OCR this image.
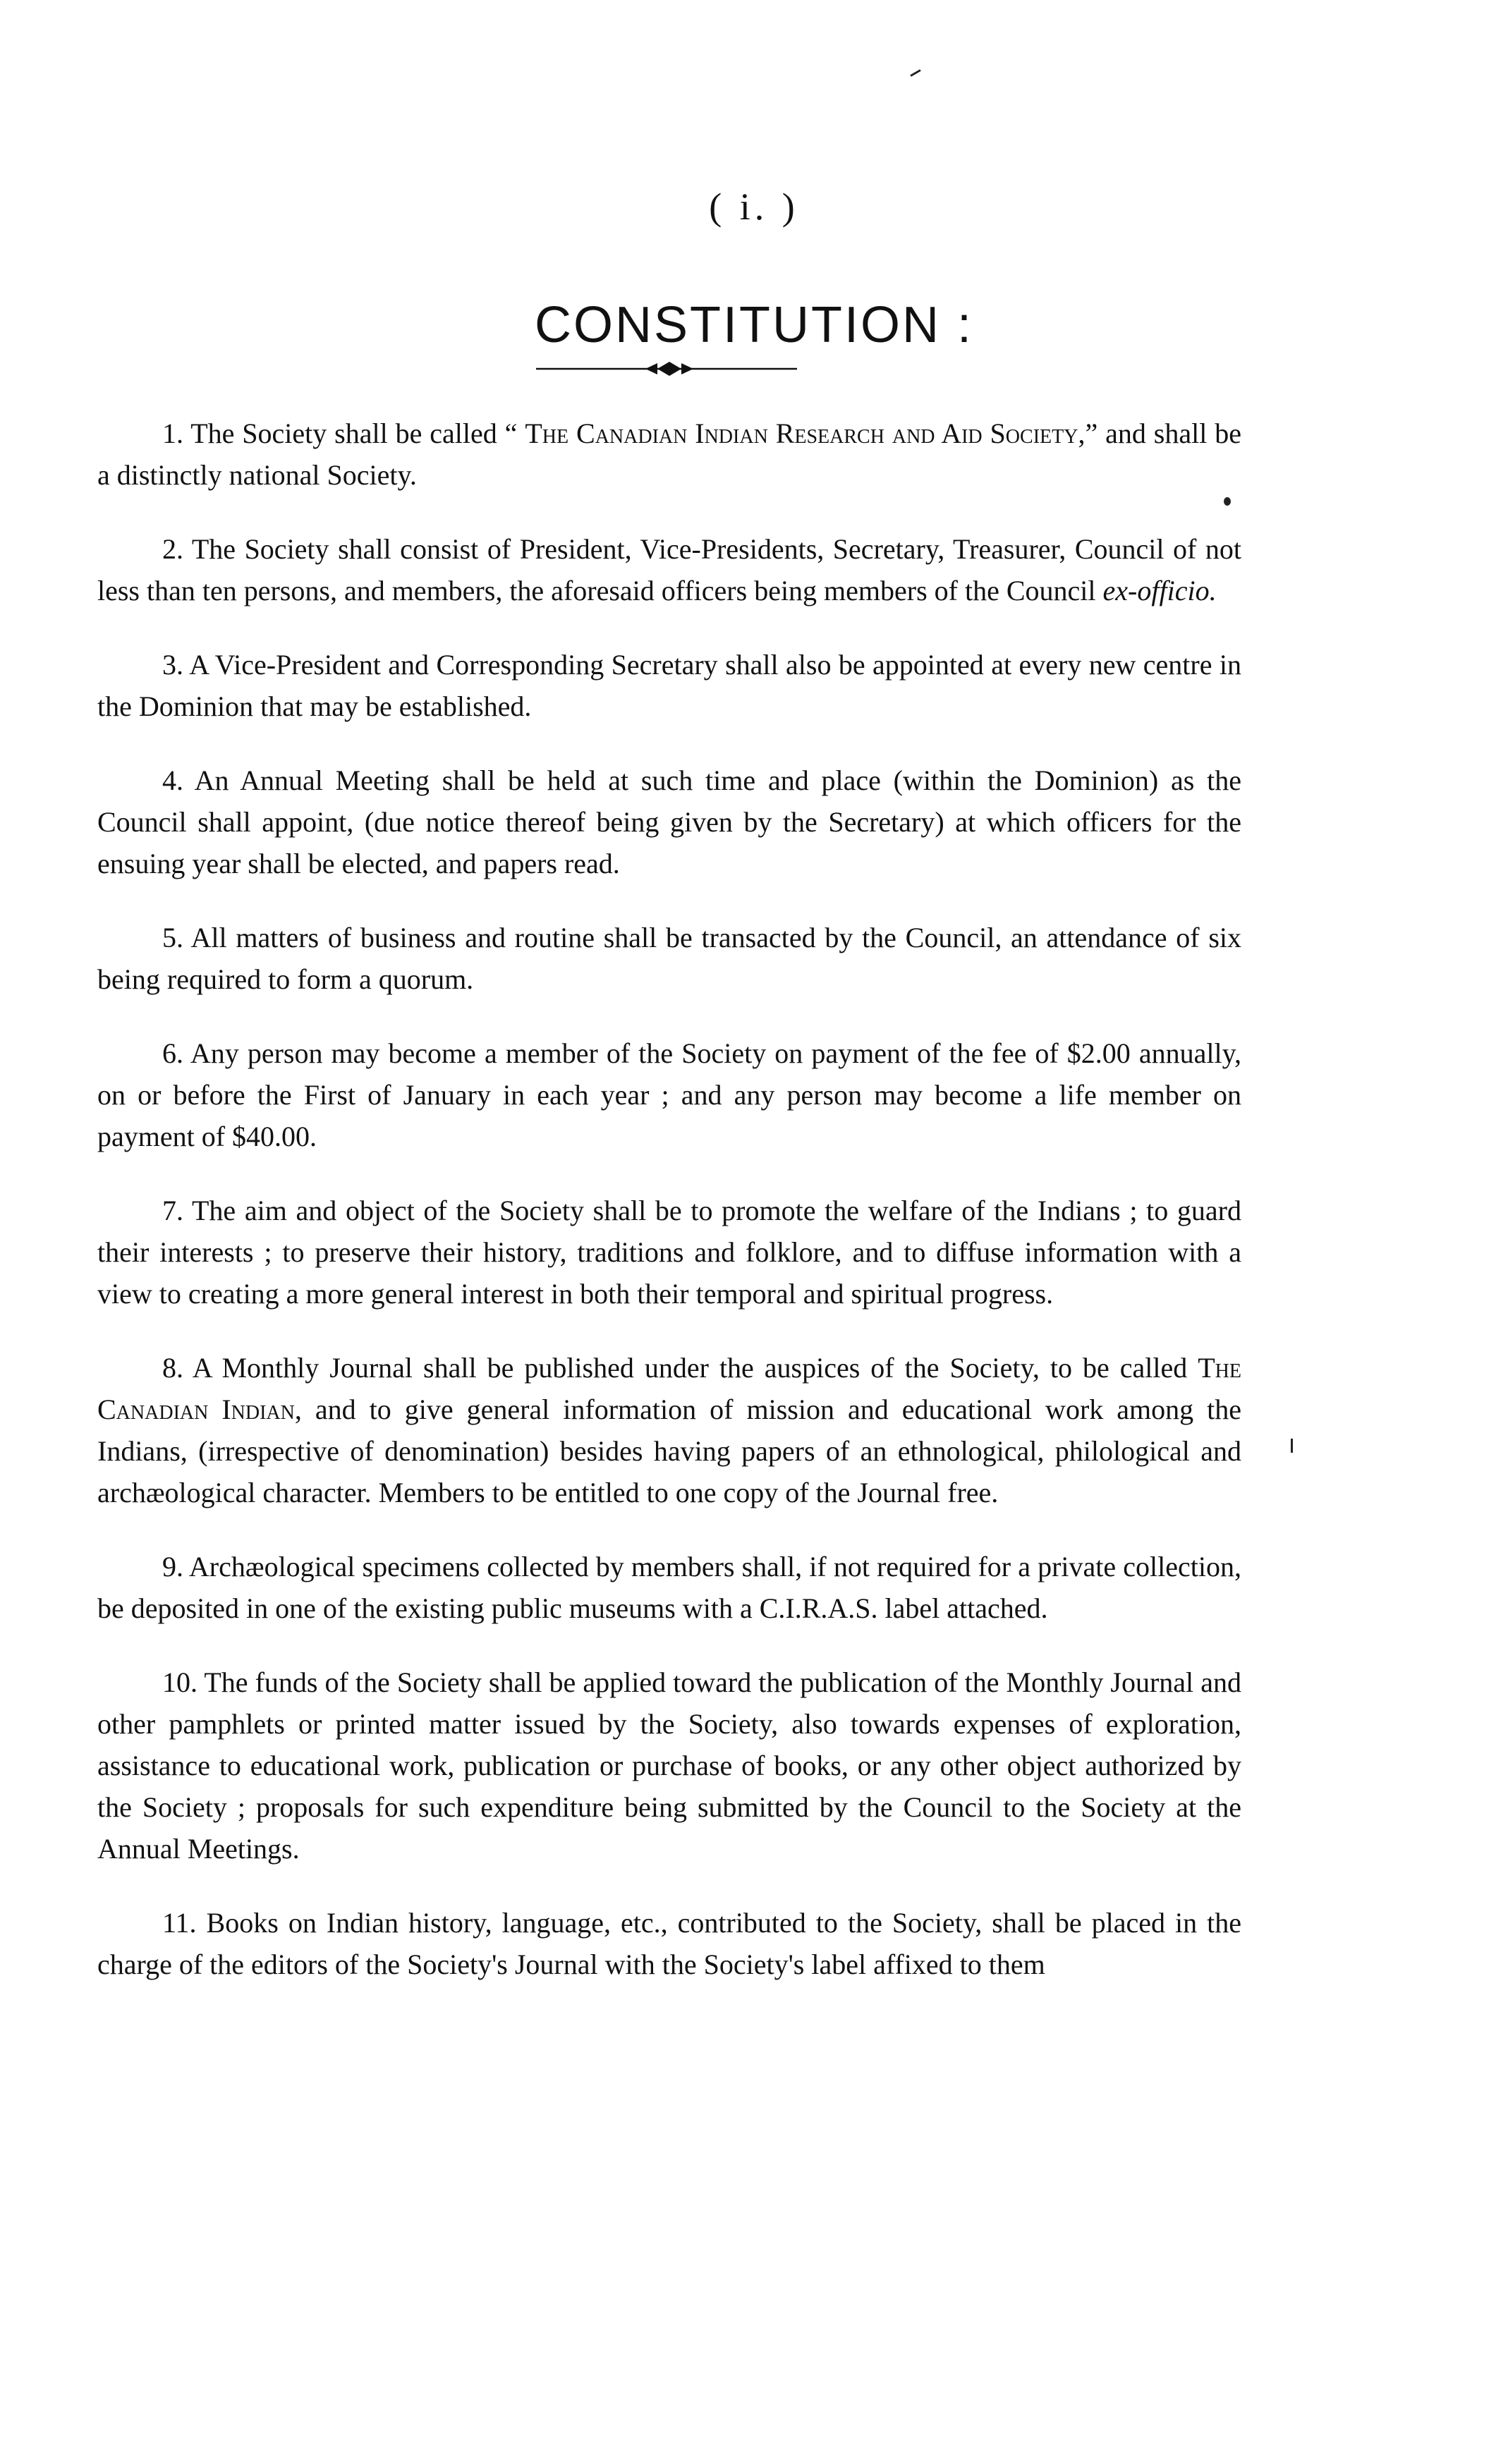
( i. )
CONSTITUTION :

1. The Society shall be called “ The Canadian Indian Research and Aid Society,” and shall be a distinctly national Society.

2. The Society shall consist of President, Vice-Presidents, Secretary, Treasurer, Council of not less than ten persons, and members, the aforesaid officers being members of the Council ex-officio.

3. A Vice-President and Corresponding Secretary shall also be appointed at every new centre in the Dominion that may be established.

4. An Annual Meeting shall be held at such time and place (within the Dominion) as the Council shall appoint, (due notice thereof being given by the Secretary) at which officers for the ensuing year shall be elected, and papers read.

5. All matters of business and routine shall be transacted by the Council, an attendance of six being required to form a quorum.

6. Any person may become a member of the Society on payment of the fee of $2.00 annually, on or before the First of January in each year ; and any person may become a life member on payment of $40.00.

7. The aim and object of the Society shall be to promote the welfare of the Indians ; to guard their interests ; to preserve their history, traditions and folklore, and to diffuse information with a view to creating a more general interest in both their temporal and spiritual progress.

8. A Monthly Journal shall be published under the auspices of the Society, to be called The Canadian Indian, and to give general information of mission and educational work among the Indians, (irrespective of denomination) besides having papers of an ethnological, philological and archæological character. Members to be entitled to one copy of the Journal free.

9. Archæological specimens collected by members shall, if not required for a private collection, be deposited in one of the existing public museums with a C.I.R.A.S. label attached.

10. The funds of the Society shall be applied toward the publication of the Monthly Journal and other pamphlets or printed matter issued by the Society, also towards expenses of exploration, assistance to educational work, publication or purchase of books, or any other object authorized by the Society ; proposals for such expenditure being submitted by the Council to the Society at the Annual Meetings.

11. Books on Indian history, language, etc., contributed to the Society, shall be placed in the charge of the editors of the Society's Journal with the Society's label affixed to them
